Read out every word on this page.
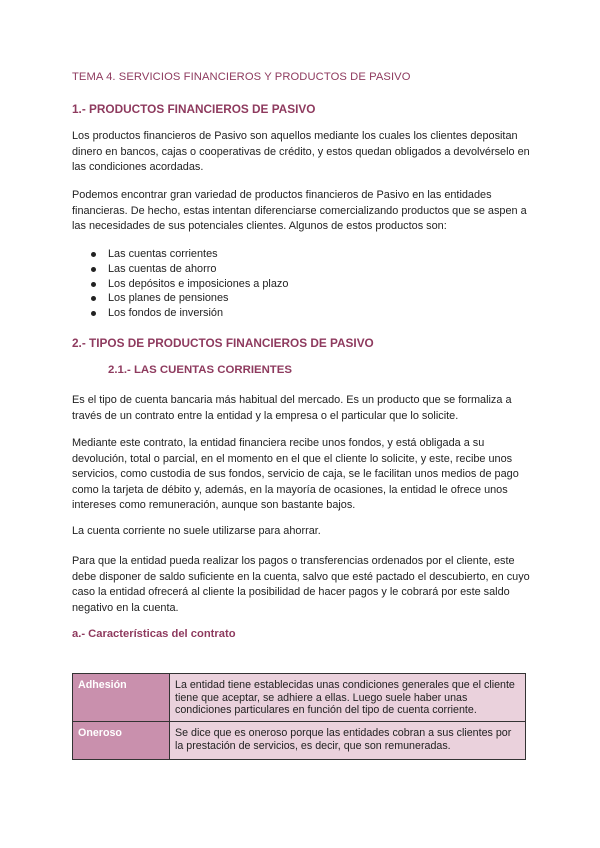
TEMA 4. SERVICIOS FINANCIEROS Y PRODUCTOS DE PASIVO

1.- PRODUCTOS FINANCIEROS DE PASIVO

Los productos financieros de Pasivo son aquellos mediante los cuales los clientes depositan dinero en bancos, cajas o cooperativas de crédito, y estos quedan obligados a devolvérselo en las condiciones acordadas.

Podemos encontrar gran variedad de productos financieros de Pasivo en las entidades financieras. De hecho, estas intentan diferenciarse comercializando productos que se aspen a las necesidades de sus potenciales clientes. Algunos de estos productos son:

Las cuentas corrientes
Las cuentas de ahorro
Los depósitos e imposiciones a plazo
Los planes de pensiones
Los fondos de inversión
2.- TIPOS DE PRODUCTOS FINANCIEROS DE PASIVO
2.1.- LAS CUENTAS CORRIENTES

Es el tipo de cuenta bancaria más habitual del mercado. Es un producto que se formaliza a través de un contrato entre la entidad y la empresa o el particular que lo solicite.

Mediante este contrato, la entidad financiera recibe unos fondos, y está obligada a su devolución, total o parcial, en el momento en el que el cliente lo solicite, y este, recibe unos servicios, como custodia de sus fondos, servicio de caja, se le facilitan unos medios de pago como la tarjeta de débito y, además, en la mayoría de ocasiones, la entidad le ofrece unos intereses como remuneración, aunque son bastante bajos.

La cuenta corriente no suele utilizarse para ahorrar.

Para que la entidad pueda realizar los pagos o transferencias ordenados por el cliente, este debe disponer de saldo suficiente en la cuenta, salvo que esté pactado el descubierto, en cuyo caso la entidad ofrecerá al cliente la posibilidad de hacer pagos y le cobrará por este saldo negativo en la cuenta.

a.- Características del contrato
Adhesión	La entidad tiene establecidas unas condiciones generales que el cliente tiene que aceptar, se adhiere a ellas. Luego suele haber unas condiciones particulares en función del tipo de cuenta corriente.
Oneroso	Se dice que es oneroso porque las entidades cobran a sus clientes por la prestación de servicios, es decir, que son remuneradas.
